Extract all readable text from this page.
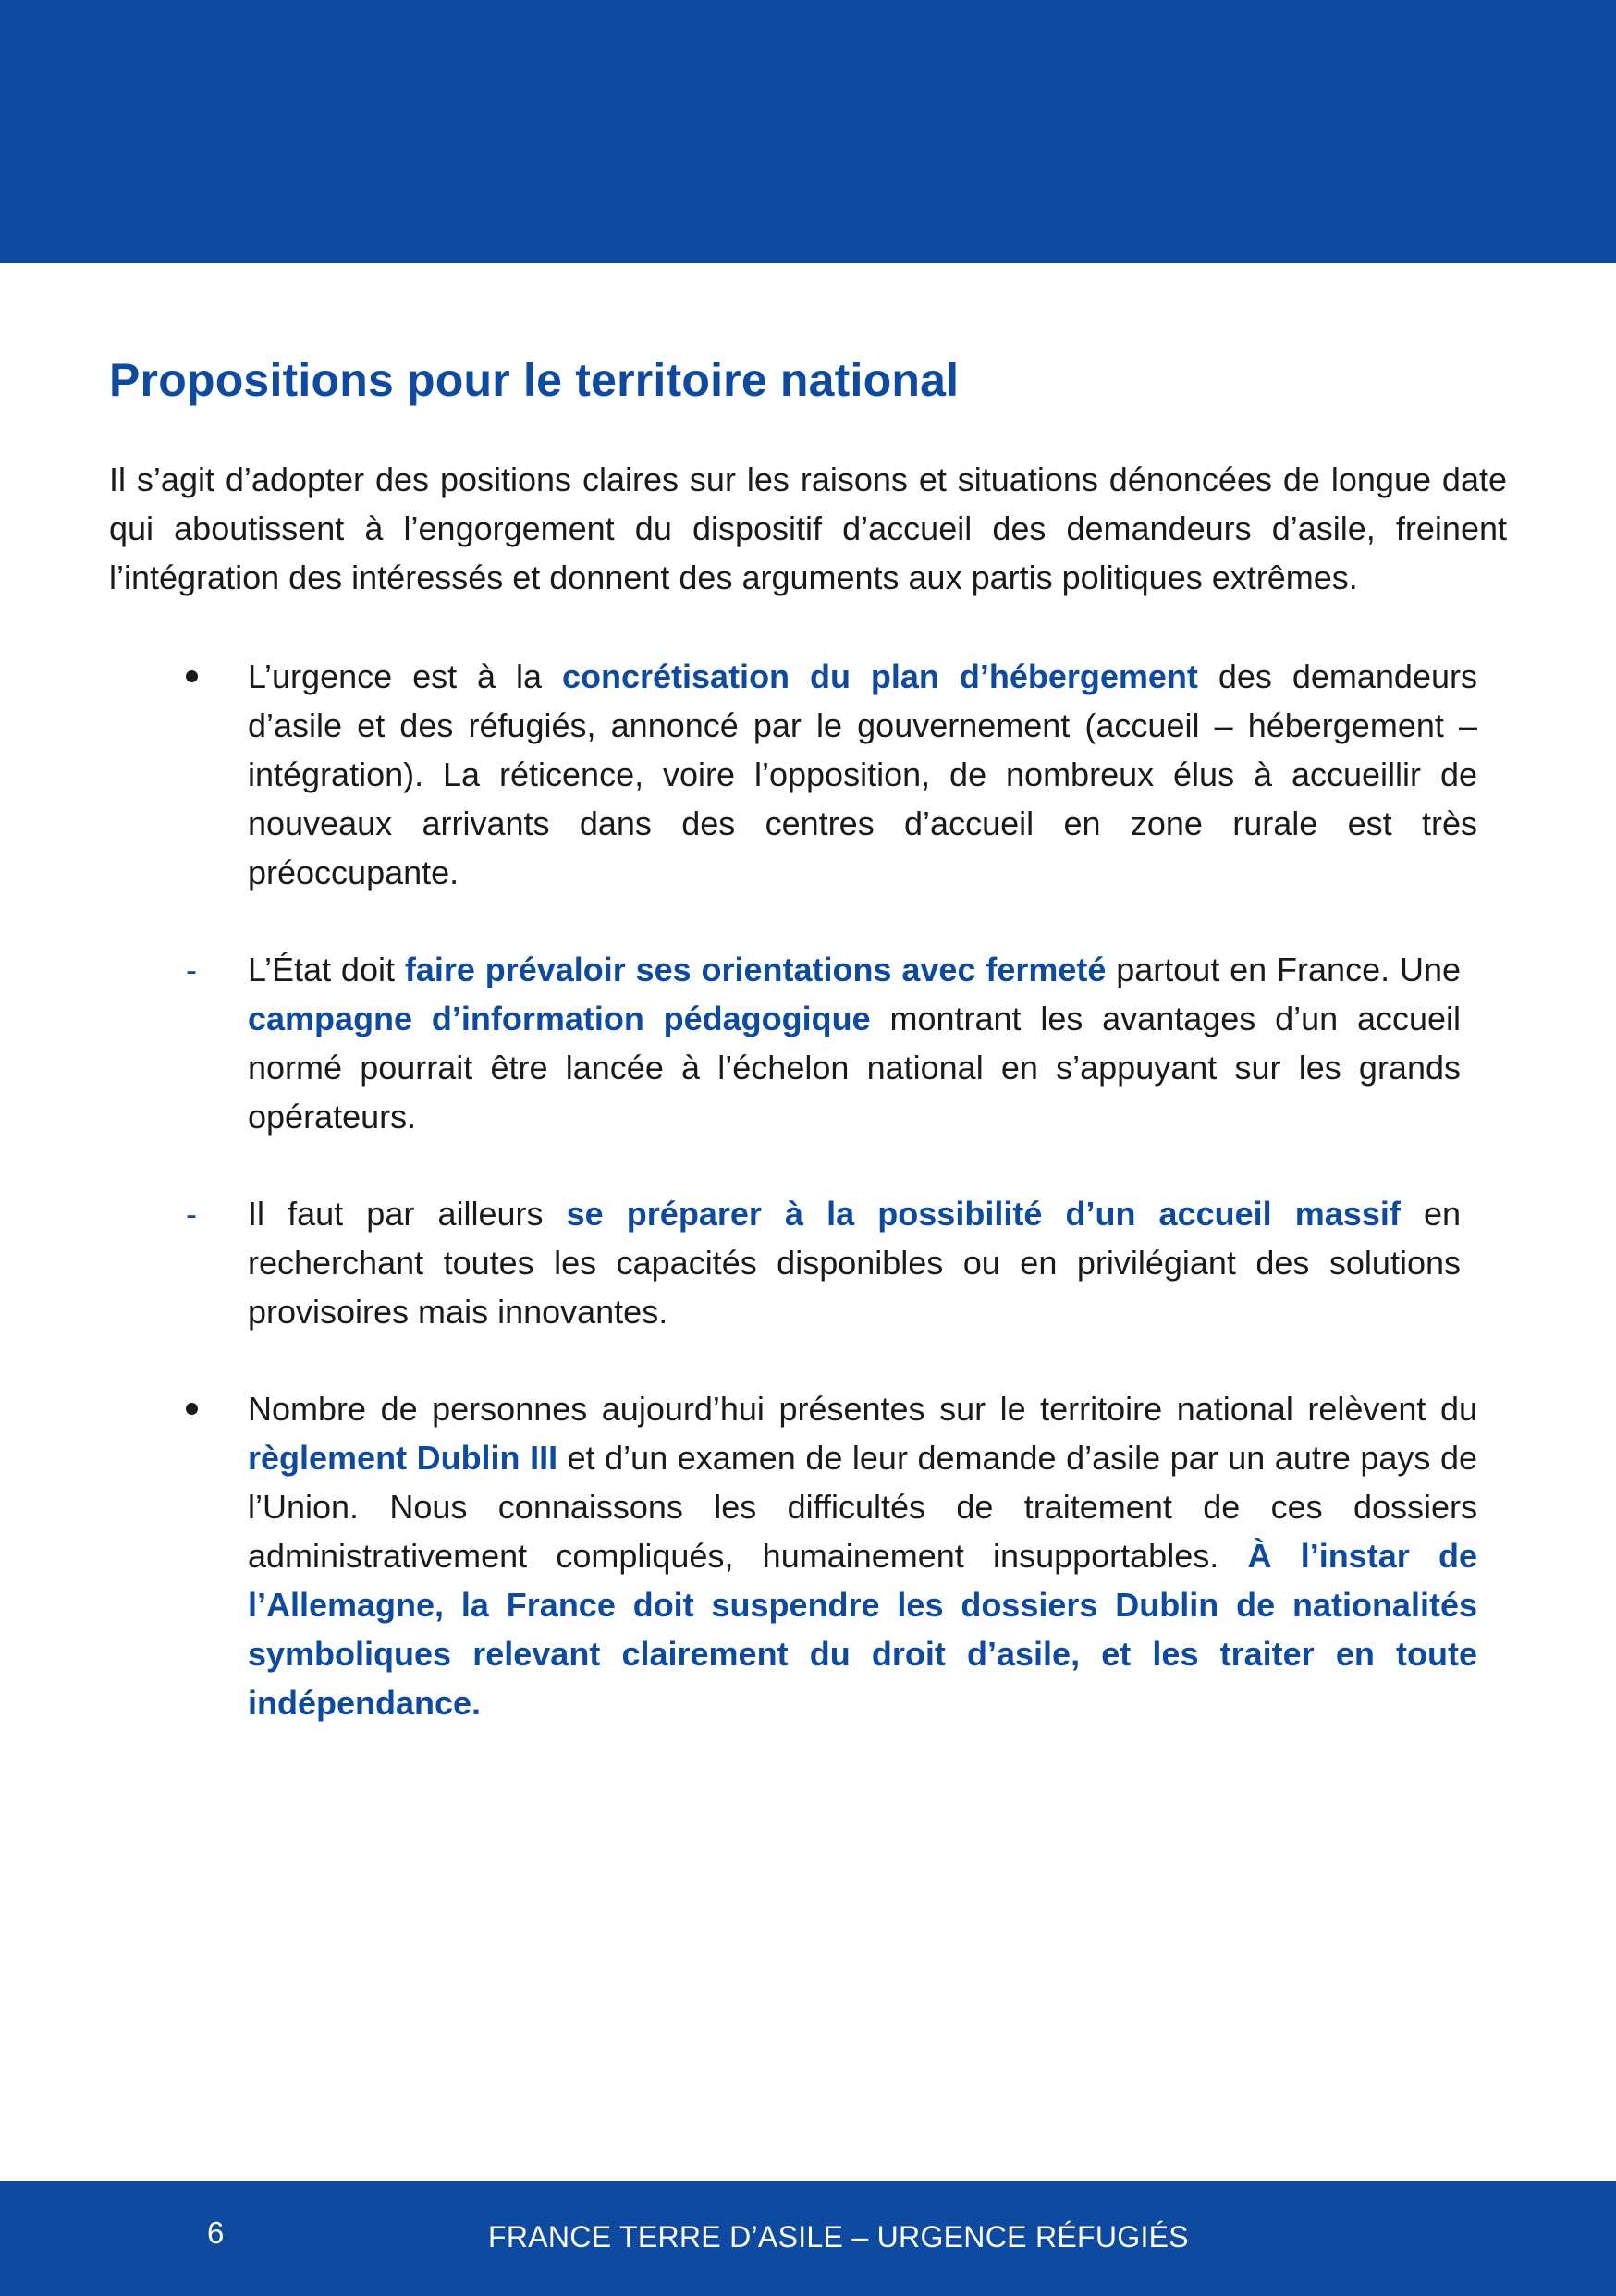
Propositions pour le territoire national

Il s’agit d’adopter des positions claires sur les raisons et situations dénoncées de longue date qui aboutissent à l’engorgement du dispositif d’accueil des demandeurs d’asile, freinent l’intégration des intéressés et donnent des arguments aux partis politiques extrêmes.

L’urgence est à la concrétisation du plan d’hébergement des demandeurs d’asile et des réfugiés, annoncé par le gouvernement (accueil – hébergement – intégration). La réticence, voire l’opposition, de nombreux élus à accueillir de nouveaux arrivants dans des centres d’accueil en zone rurale est très préoccupante.
- L’État doit faire prévaloir ses orientations avec fermeté partout en France. Une campagne d’information pédagogique montrant les avantages d’un accueil normé pourrait être lancée à l’échelon national en s’appuyant sur les grands opérateurs.
- Il faut par ailleurs se préparer à la possibilité d’un accueil massif en recherchant toutes les capacités disponibles ou en privilégiant des solutions provisoires mais innovantes.
Nombre de personnes aujourd’hui présentes sur le territoire national relèvent du règlement Dublin III et d’un examen de leur demande d’asile par un autre pays de l’Union. Nous connaissons les difficultés de traitement de ces dossiers administrativement compliqués, humainement insupportables. À l’instar de l’Allemagne, la France doit suspendre les dossiers Dublin de nationalités symboliques relevant clairement du droit d’asile, et les traiter en toute indépendance.
6	FRANCE TERRE D’ASILE – URGENCE RÉFUGIÉS
